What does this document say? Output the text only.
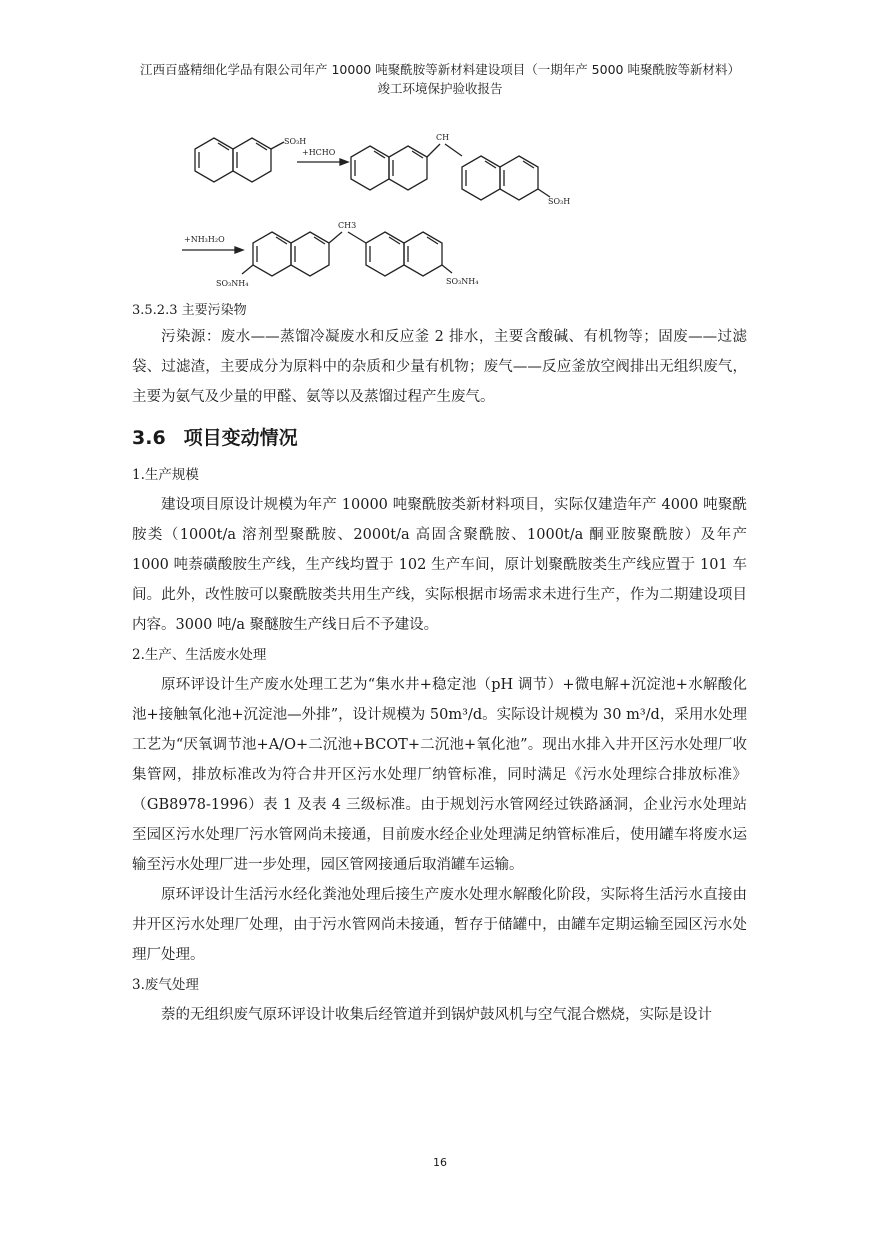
江西百盛精细化学品有限公司年产 10000 吨聚酰胺等新材料建设项目（一期年产 5000 吨聚酰胺等新材料）
竣工环境保护验收报告
SO₃H
+HCHO
CH
SO₃H
+NH₃H₂O
CH3
SO₃NH₄	SO₃NH₄

3.5.2.3 主要污染物

污染源：废水——蒸馏冷凝废水和反应釜 2 排水，主要含酸碱、有机物等；固废——过滤袋、过滤渣，主要成分为原料中的杂质和少量有机物；废气——反应釜放空阀排出无组织废气，主要为氨气及少量的甲醛、氨等以及蒸馏过程产生废气。

3.6 项目变动情况

1.生产规模

建设项目原设计规模为年产 10000 吨聚酰胺类新材料项目，实际仅建造年产 4000 吨聚酰胺类（1000t/a 溶剂型聚酰胺、2000t/a 高固含聚酰胺、1000t/a 酮亚胺聚酰胺）及年产 1000 吨萘磺酸胺生产线，生产线均置于 102 生产车间，原计划聚酰胺类生产线应置于 101 车间。此外，改性胺可以聚酰胺类共用生产线，实际根据市场需求未进行生产，作为二期建设项目内容。3000 吨/a 聚醚胺生产线日后不予建设。

2.生产、生活废水处理

原环评设计生产废水处理工艺为“集水井+稳定池（pH 调节）+微电解+沉淀池+水解酸化池+接触氧化池+沉淀池—外排”，设计规模为 50m³/d。实际设计规模为 30 m³/d，采用水处理工艺为“厌氧调节池+A/O+二沉池+BCOT+二沉池+氧化池”。现出水排入井开区污水处理厂收集管网，排放标准改为符合井开区污水处理厂纳管标准，同时满足《污水处理综合排放标准》（GB8978-1996）表 1 及表 4 三级标准。由于规划污水管网经过铁路涵洞，企业污水处理站至园区污水处理厂污水管网尚未接通，目前废水经企业处理满足纳管标准后，使用罐车将废水运输至污水处理厂进一步处理，园区管网接通后取消罐车运输。

原环评设计生活污水经化粪池处理后接生产废水处理水解酸化阶段，实际将生活污水直接由井开区污水处理厂处理，由于污水管网尚未接通，暂存于储罐中，由罐车定期运输至园区污水处理厂处理。

3.废气处理

萘的无组织废气原环评设计收集后经管道并到锅炉鼓风机与空气混合燃烧，实际是设计

16
